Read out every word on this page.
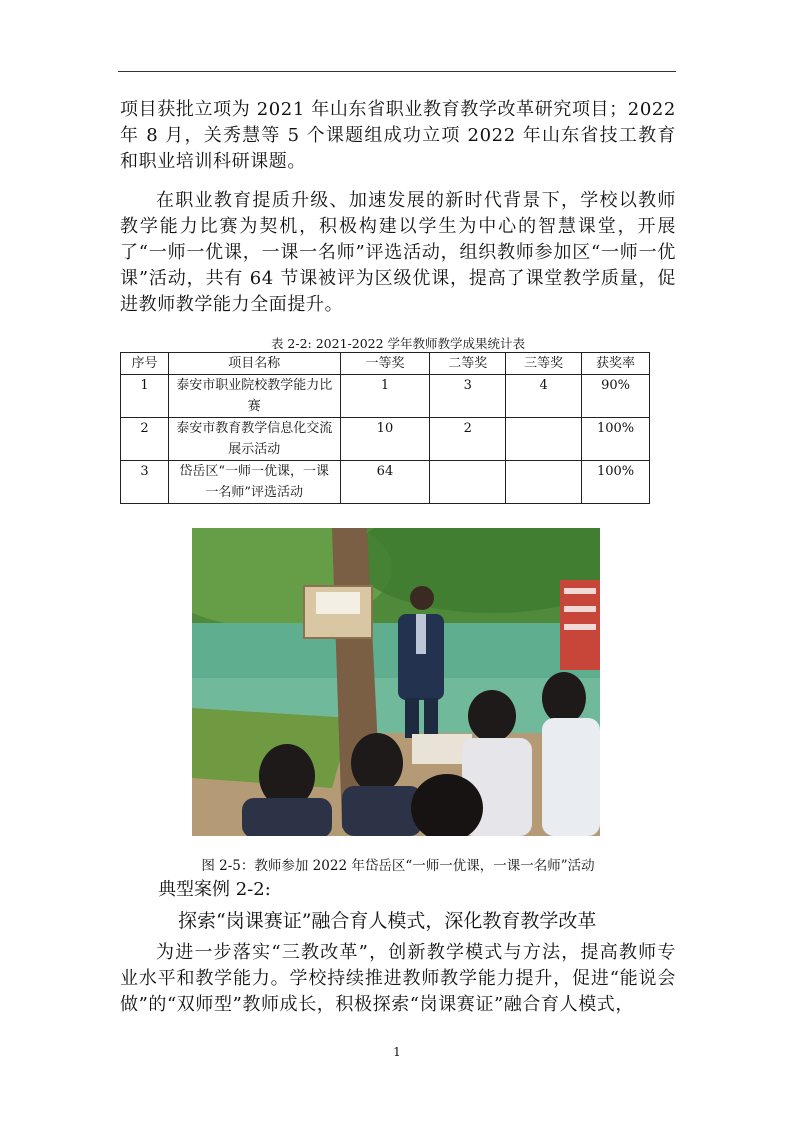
项目获批立项为 2021 年山东省职业教育教学改革研究项目；2022 年 8 月，关秀慧等 5 个课题组成功立项 2022 年山东省技工教育和职业培训科研课题。

在职业教育提质升级、加速发展的新时代背景下，学校以教师教学能力比赛为契机，积极构建以学生为中心的智慧课堂，开展了“一师一优课，一课一名师”评选活动，组织教师参加区“一师一优课”活动，共有 64 节课被评为区级优课，提高了课堂教学质量，促进教师教学能力全面提升。

表 2-2: 2021-2022 学年教师教学成果统计表
序号	项目名称	一等奖	二等奖	三等奖	获奖率
1	泰安市职业院校教学能力比赛	1	3	4	90%
2	泰安市教育教学信息化交流展示活动	10	2		100%
3	岱岳区“一师一优课，一课一名师”评选活动	64			100%
图 2-5：教师参加 2022 年岱岳区“一师一优课，一课一名师”活动
典型案例 2-2:
探索“岗课赛证”融合育人模式，深化教育教学改革

为进一步落实“三教改革”，创新教学模式与方法，提高教师专业水平和教学能力。学校持续推进教师教学能力提升，促进“能说会做”的“双师型”教师成长，积极探索“岗课赛证”融合育人模式，

1
